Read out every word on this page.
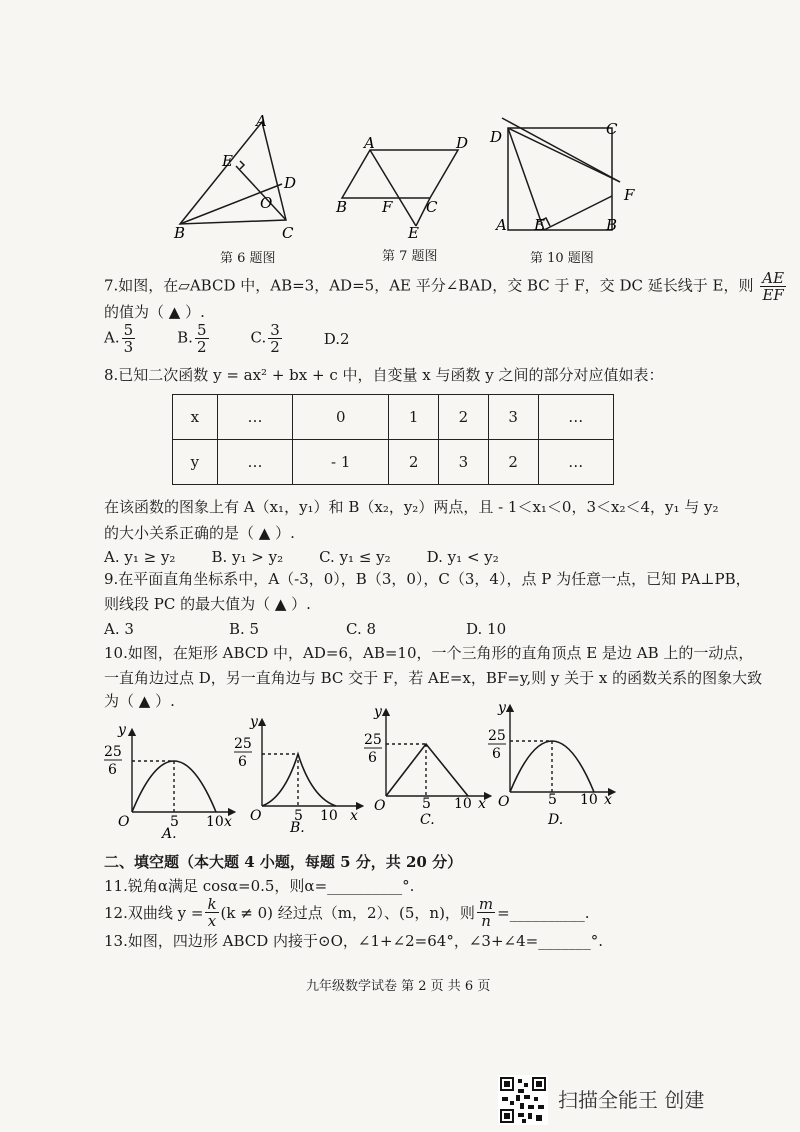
A
E
D
O
B	C
第 6 题图
A	D
B F C
E
第 7 题图
D	C
F
A E	B
第 10 题图
7.如图，在▱ABCD 中，AB=3，AD=5，AE 平分∠BAD，交 BC 于 F，交 DC 延长线于 E，则 $\frac{AE}{EF}$
的值为（ ▲ ）.
A. $\frac{5}{3}$	B. $\frac{5}{2}$	C. $\frac{3}{2}$	D.2
8.已知二次函数 y = ax² + bx + c 中，自变量 x 与函数 y 之间的部分对应值如表：
x	…	0	1	2	3	…
y	…	- 1	2	3	2	…
在该函数的图象上有 A（x₁，y₁）和 B（x₂，y₂）两点，且 - 1＜x₁＜0，3＜x₂＜4，y₁ 与 y₂
的大小关系正确的是（ ▲ ）.
A. y₁ ≥ y₂ B. y₁ > y₂ C. y₁ ≤ y₂ D. y₁ < y₂
9.在平面直角坐标系中，A（-3，0），B（3，0），C（3，4），点 P 为任意一点，已知 PA⊥PB，
则线段 PC 的最大值为（ ▲ ）.
A. 3	B. 5	C. 8	D. 10
10.如图，在矩形 ABCD 中，AD=6，AB=10，一个三角形的直角顶点 E 是边 AB 上的一动点，
一直角边过点 D，另一直角边与 BC 交于 F，若 AE=x，BF=y,则 y 关于 x 的函数关系的图象大致
为（ ▲ ）.
y
25
6
O	5 10 x
A.
y
25
6
O 5 10 x
B.
y
25
6
O	5 10 x
C.
y
25
6
O	5 10 x
D.
二、填空题（本大题 4 小题，每题 5 分，共 20 分）
11.锐角α满足 cosα=0.5，则α=__________°.
12.双曲线 $y = \frac{k}{x} (k \ne 0)$ 经过点（m，2）、(5，n)，则 $\frac{m}{n}$ =__________.
13.如图，四边形 ABCD 内接于⊙O，∠1+∠2=64°，∠3+∠4=_______°.
九年级数学试卷 第 2 页 共 6 页
扫描全能王 创建
